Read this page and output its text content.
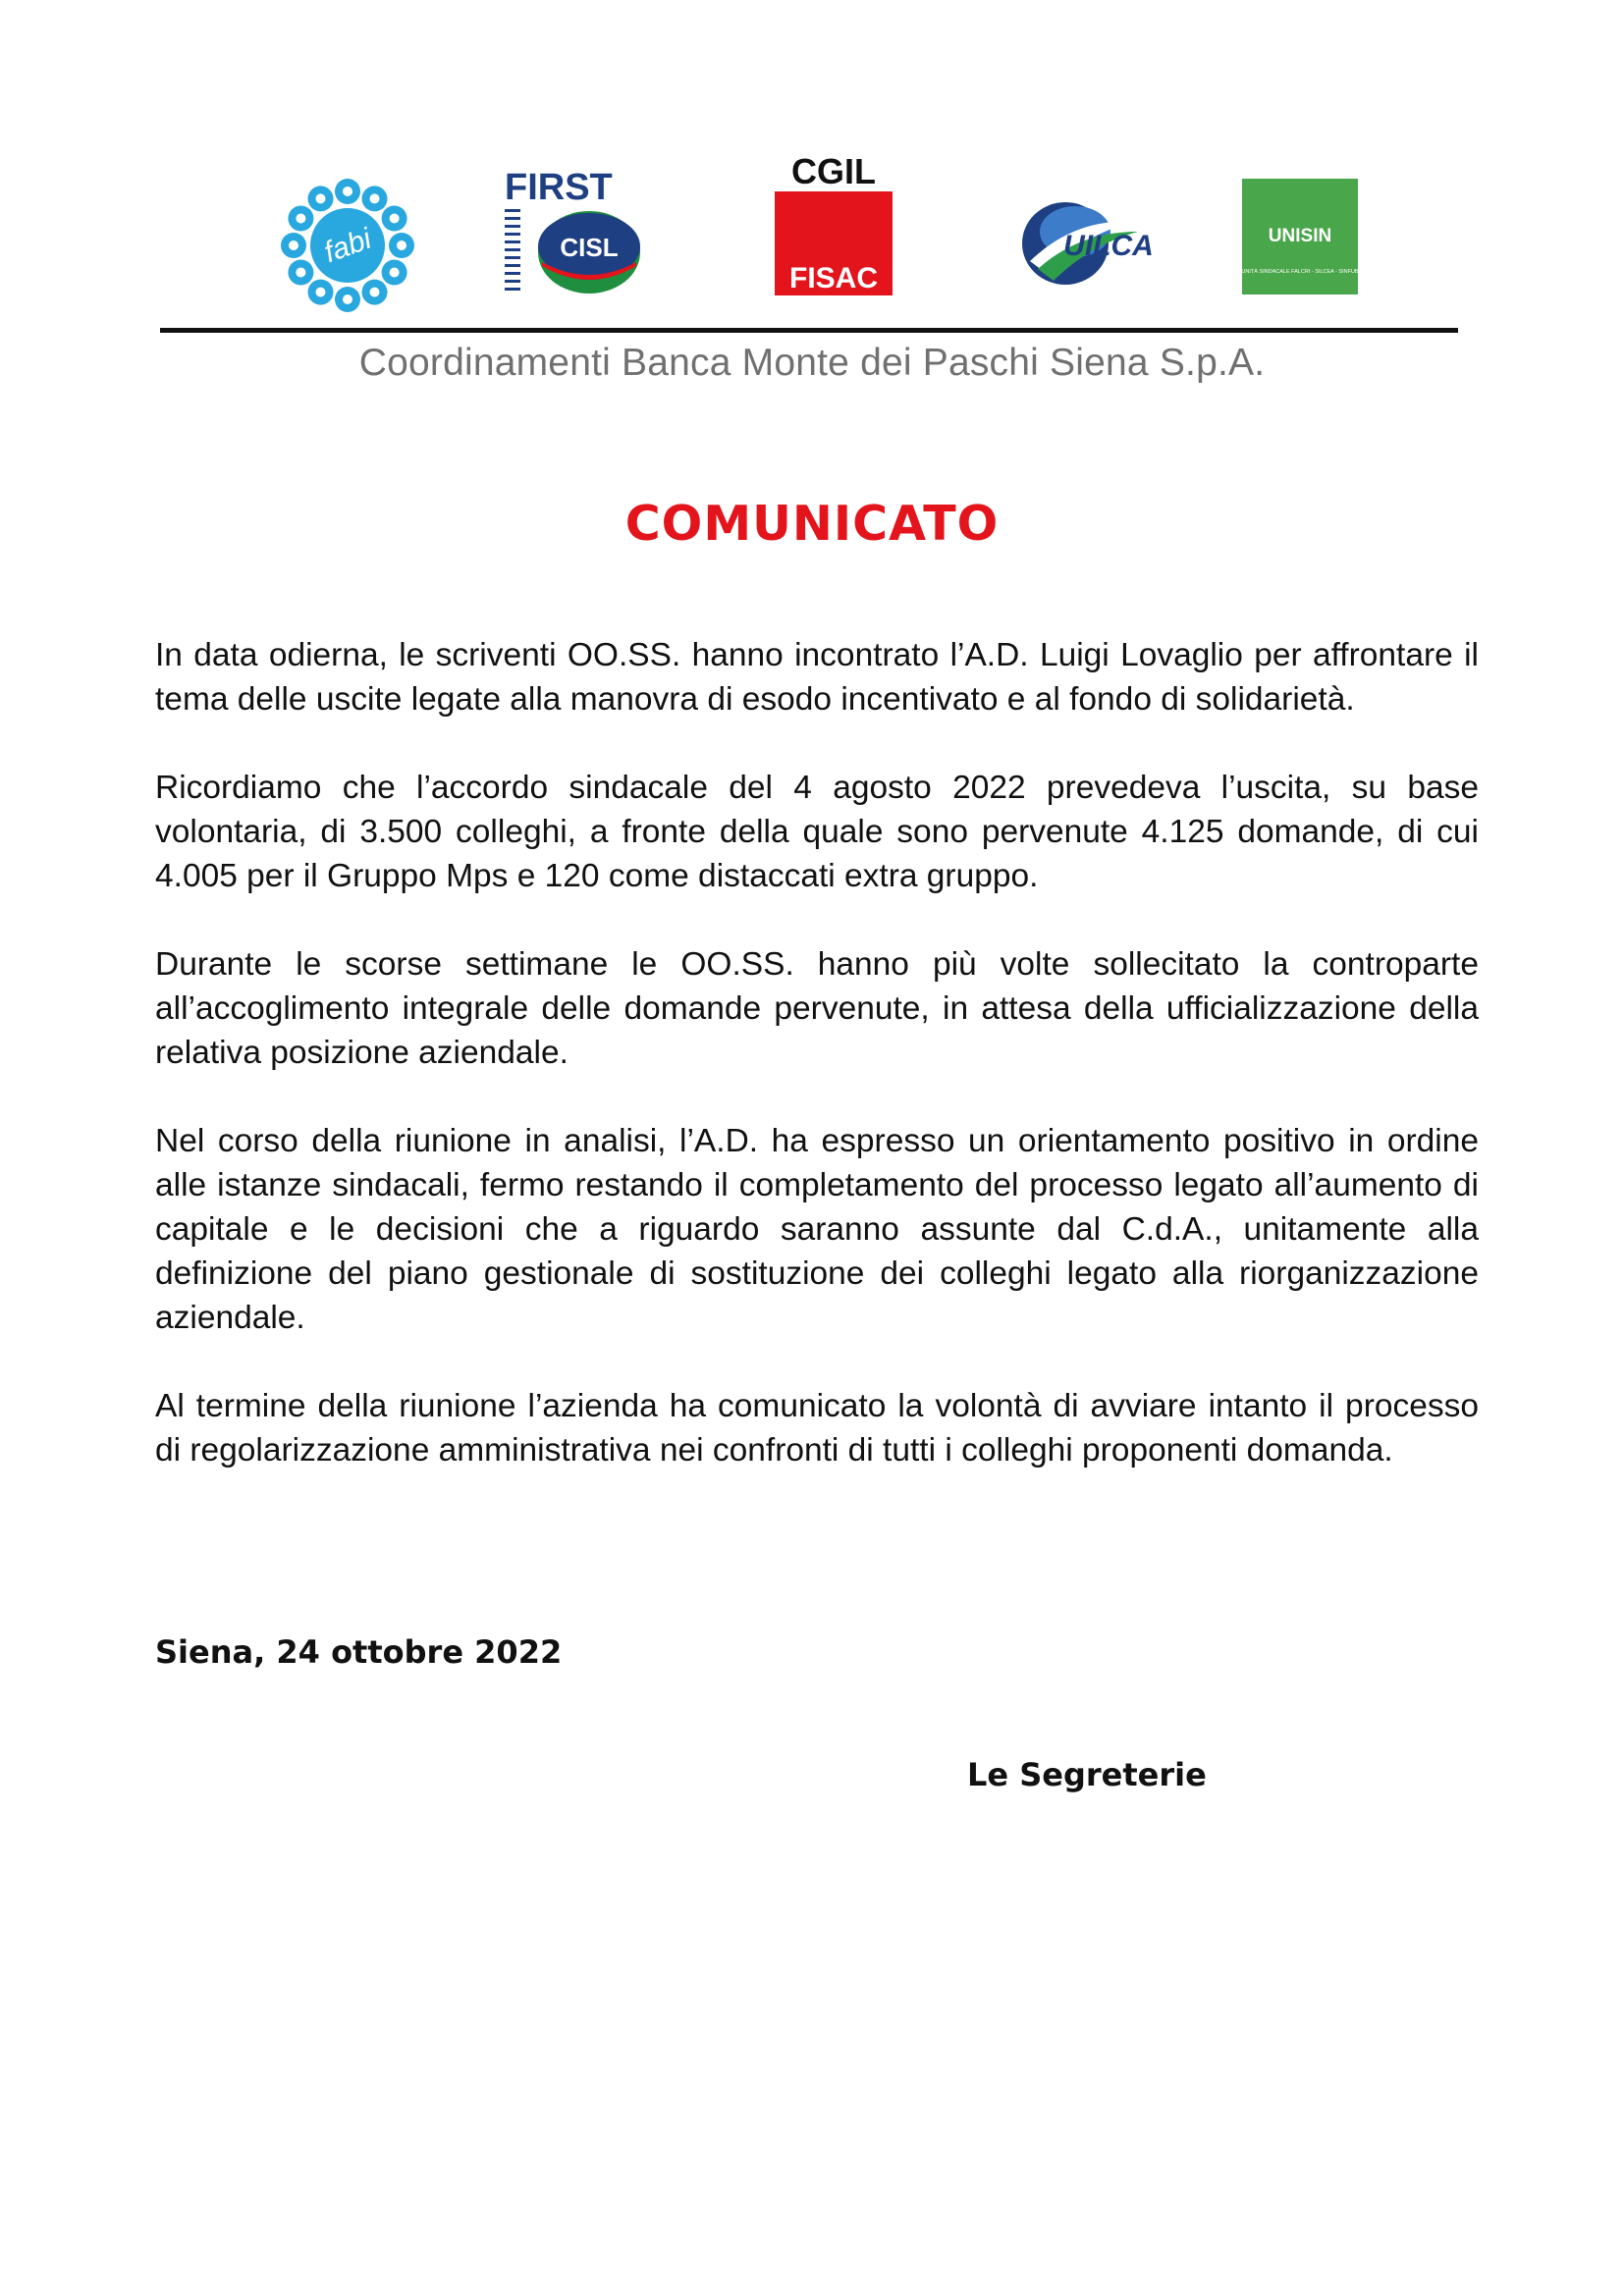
fabi
FIRST
CISL
CGIL
FISAC
UILCA	UNISIN
UNITÀ SINDACALE FALCRI - SILCEA - SINFUB
Coordinamenti Banca Monte dei Paschi Siena S.p.A.
COMUNICATO

In data odierna, le scriventi OO.SS. hanno incontrato l’A.D. Luigi Lovaglio per affrontare il tema delle uscite legate alla manovra di esodo incentivato e al fondo di solidarietà.

Ricordiamo che l’accordo sindacale del 4 agosto 2022 prevedeva l’uscita, su base volontaria, di 3.500 colleghi, a fronte della quale sono pervenute 4.125 domande, di cui 4.005 per il Gruppo Mps e 120 come distaccati extra gruppo.

Durante le scorse settimane le OO.SS. hanno più volte sollecitato la controparte all’accoglimento integrale delle domande pervenute, in attesa della ufficializzazione della relativa posizione aziendale.

Nel corso della riunione in analisi, l’A.D. ha espresso un orientamento positivo in ordine alle istanze sindacali, fermo restando il completamento del processo legato all’aumento di capitale e le decisioni che a riguardo saranno assunte dal C.d.A., unitamente alla definizione del piano gestionale di sostituzione dei colleghi legato alla riorganizzazione aziendale.

Al termine della riunione l’azienda ha comunicato la volontà di avviare intanto il processo di regolarizzazione amministrativa nei confronti di tutti i colleghi proponenti domanda.

Siena, 24 ottobre 2022
Le Segreterie
